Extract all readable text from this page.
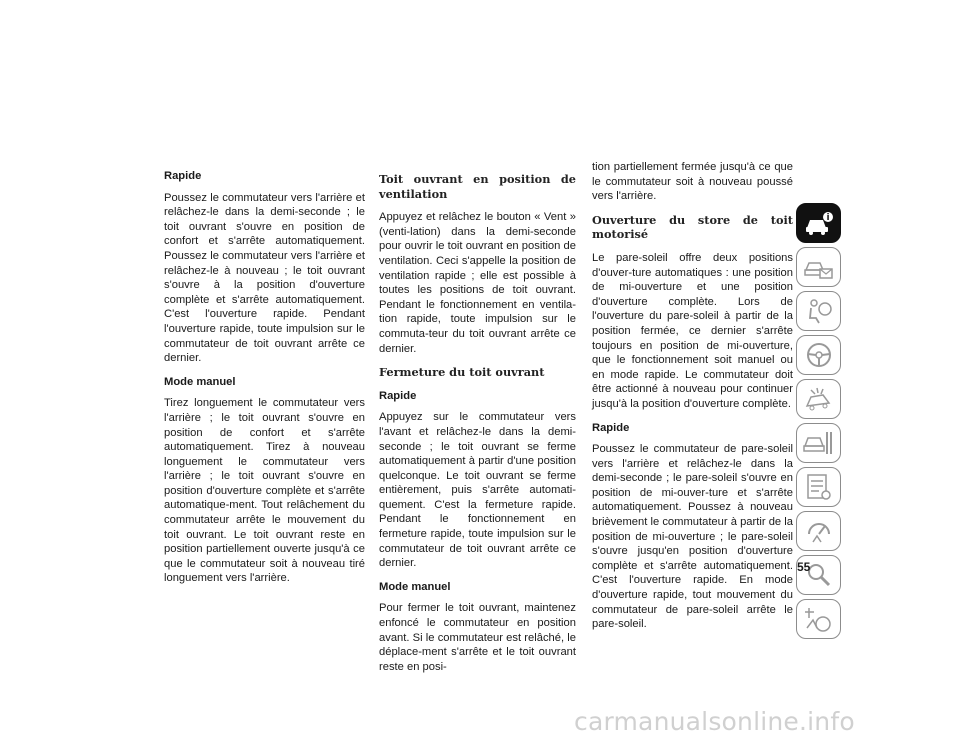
Rapide

Poussez le commutateur vers l'arrière et relâchez-le dans la demi-seconde ; le toit ouvrant s'ouvre en position de confort et s'arrête automatiquement. Poussez le commutateur vers l'arrière et relâchez-le à nouveau ; le toit ouvrant s'ouvre à la position d'ouverture complète et s'arrête automatiquement. C'est l'ouverture rapide. Pendant l'ouverture rapide, toute impulsion sur le commutateur de toit ouvrant arrête ce dernier.

Mode manuel

Tirez longuement le commutateur vers l'arrière ; le toit ouvrant s'ouvre en position de confort et s'arrête automatiquement. Tirez à nouveau longuement le commutateur vers l'arrière ; le toit ouvrant s'ouvre en position d'ouverture complète et s'arrête automatique-ment. Tout relâchement du commutateur arrête le mouvement du toit ouvrant. Le toit ouvrant reste en position partiellement ouverte jusqu'à ce que le commutateur soit à nouveau tiré longuement vers l'arrière.

Toit ouvrant en position de ventilation

Appuyez et relâchez le bouton « Vent » (venti-lation) dans la demi-seconde pour ouvrir le toit ouvrant en position de ventilation. Ceci s'appelle la position de ventilation rapide ; elle est possible à toutes les positions de toit ouvrant. Pendant le fonctionnement en ventila-tion rapide, toute impulsion sur le commuta-teur du toit ouvrant arrête ce dernier.

Fermeture du toit ouvrant
Rapide

Appuyez sur le commutateur vers l'avant et relâchez-le dans la demi-seconde ; le toit ouvrant se ferme automatiquement à partir d'une position quelconque. Le toit ouvrant se ferme entièrement, puis s'arrête automati-quement. C'est la fermeture rapide. Pendant le fonctionnement en fermeture rapide, toute impulsion sur le commutateur de toit ouvrant arrête ce dernier.

Mode manuel

Pour fermer le toit ouvrant, maintenez enfoncé le commutateur en position avant. Si le commutateur est relâché, le déplace-ment s'arrête et le toit ouvrant reste en posi-

tion partiellement fermée jusqu'à ce que le commutateur soit à nouveau poussé vers l'arrière.

Ouverture du store de toit motorisé

Le pare-soleil offre deux positions d'ouver-ture automatiques : une position de mi-ouverture et une position d'ouverture complète. Lors de l'ouverture du pare-soleil à partir de la position fermée, ce dernier s'arrête toujours en position de mi-ouverture, que le fonctionnement soit manuel ou en mode rapide. Le commutateur doit être actionné à nouveau pour continuer jusqu'à la position d'ouverture complète.

Rapide

Poussez le commutateur de pare-soleil vers l'arrière et relâchez-le dans la demi-seconde ; le pare-soleil s'ouvre en position de mi-ouver-ture et s'arrête automatiquement. Poussez à nouveau brièvement le commutateur à partir de la position de mi-ouverture ; le pare-soleil s'ouvre jusqu'en position d'ouverture complète et s'arrête automatiquement. C'est l'ouverture rapide. En mode d'ouverture rapide, tout mouvement du commutateur de pare-soleil arrête le pare-soleil.

55
carmanualsonline.info
